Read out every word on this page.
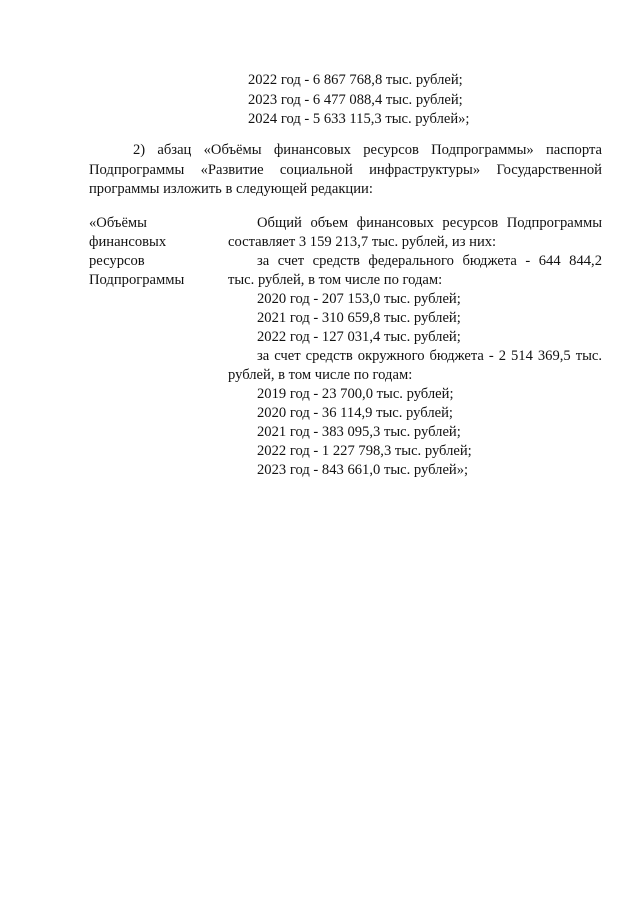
2022 год - 6 867 768,8 тыс. рублей;
2023 год - 6 477 088,4 тыс. рублей;
2024 год - 5 633 115,3 тыс. рублей»;
2) абзац «Объёмы финансовых ресурсов Подпрограммы» паспорта
Подпрограммы «Развитие социальной инфраструктуры» Государственной
программы изложить в следующей редакции:
«Объёмы
финансовых
ресурсов
Подпрограммы
Общий объем финансовых ресурсов Подпрограммы
составляет 3 159 213,7 тыс. рублей, из них:
за счет средств федерального бюджета - 644 844,2
тыс. рублей, в том числе по годам:
2020 год - 207 153,0 тыс. рублей;
2021 год - 310 659,8 тыс. рублей;
2022 год - 127 031,4 тыс. рублей;
за счет средств окружного бюджета - 2 514 369,5 тыс.
рублей, в том числе по годам:
2019 год - 23 700,0 тыс. рублей;
2020 год - 36 114,9 тыс. рублей;
2021 год - 383 095,3 тыс. рублей;
2022 год - 1 227 798,3 тыс. рублей;
2023 год - 843 661,0 тыс. рублей»;
